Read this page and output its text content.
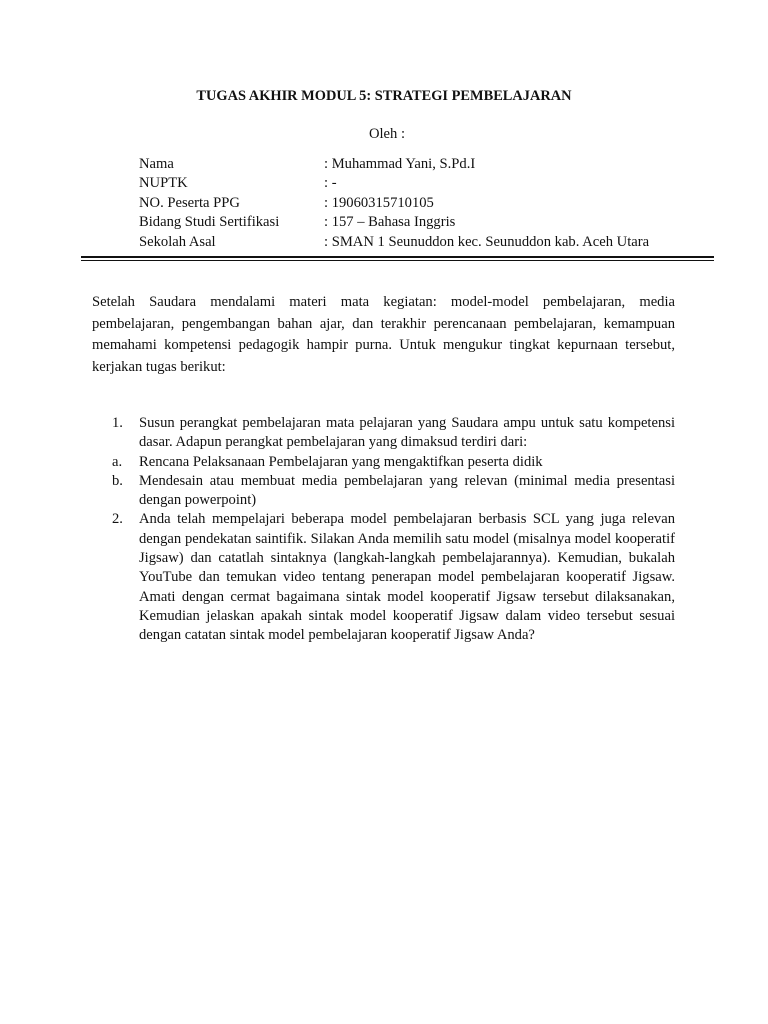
TUGAS AKHIR MODUL 5: STRATEGI PEMBELAJARAN
Oleh :
Nama	: Muhammad Yani, S.Pd.I
NUPTK	: -
NO. Peserta PPG	: 19060315710105
Bidang Studi Sertifikasi	: 157 – Bahasa Inggris
Sekolah Asal	: SMAN 1 Seunuddon kec. Seunuddon kab. Aceh Utara
Setelah Saudara mendalami materi mata kegiatan: model-model pembelajaran, media pembelajaran, pengembangan bahan ajar, dan terakhir perencanaan pembelajaran, kemampuan memahami kompetensi pedagogik hampir purna. Untuk mengukur tingkat kepurnaan tersebut, kerjakan tugas berikut:
1.	Susun perangkat pembelajaran mata pelajaran yang Saudara ampu untuk satu kompetensi dasar. Adapun perangkat pembelajaran yang dimaksud terdiri dari:
a.	Rencana Pelaksanaan Pembelajaran yang mengaktifkan peserta didik
b.	Mendesain atau membuat media pembelajaran yang relevan (minimal media presentasi dengan powerpoint)
2.	Anda telah mempelajari beberapa model pembelajaran berbasis SCL yang juga relevan dengan pendekatan saintifik. Silakan Anda memilih satu model (misalnya model kooperatif Jigsaw) dan catatlah sintaknya (langkah-langkah pembelajarannya). Kemudian, bukalah YouTube dan temukan video tentang penerapan model pembelajaran kooperatif Jigsaw. Amati dengan cermat bagaimana sintak model kooperatif Jigsaw tersebut dilaksanakan, Kemudian jelaskan apakah sintak model kooperatif Jigsaw dalam video tersebut sesuai dengan catatan sintak model pembelajaran kooperatif Jigsaw Anda?
